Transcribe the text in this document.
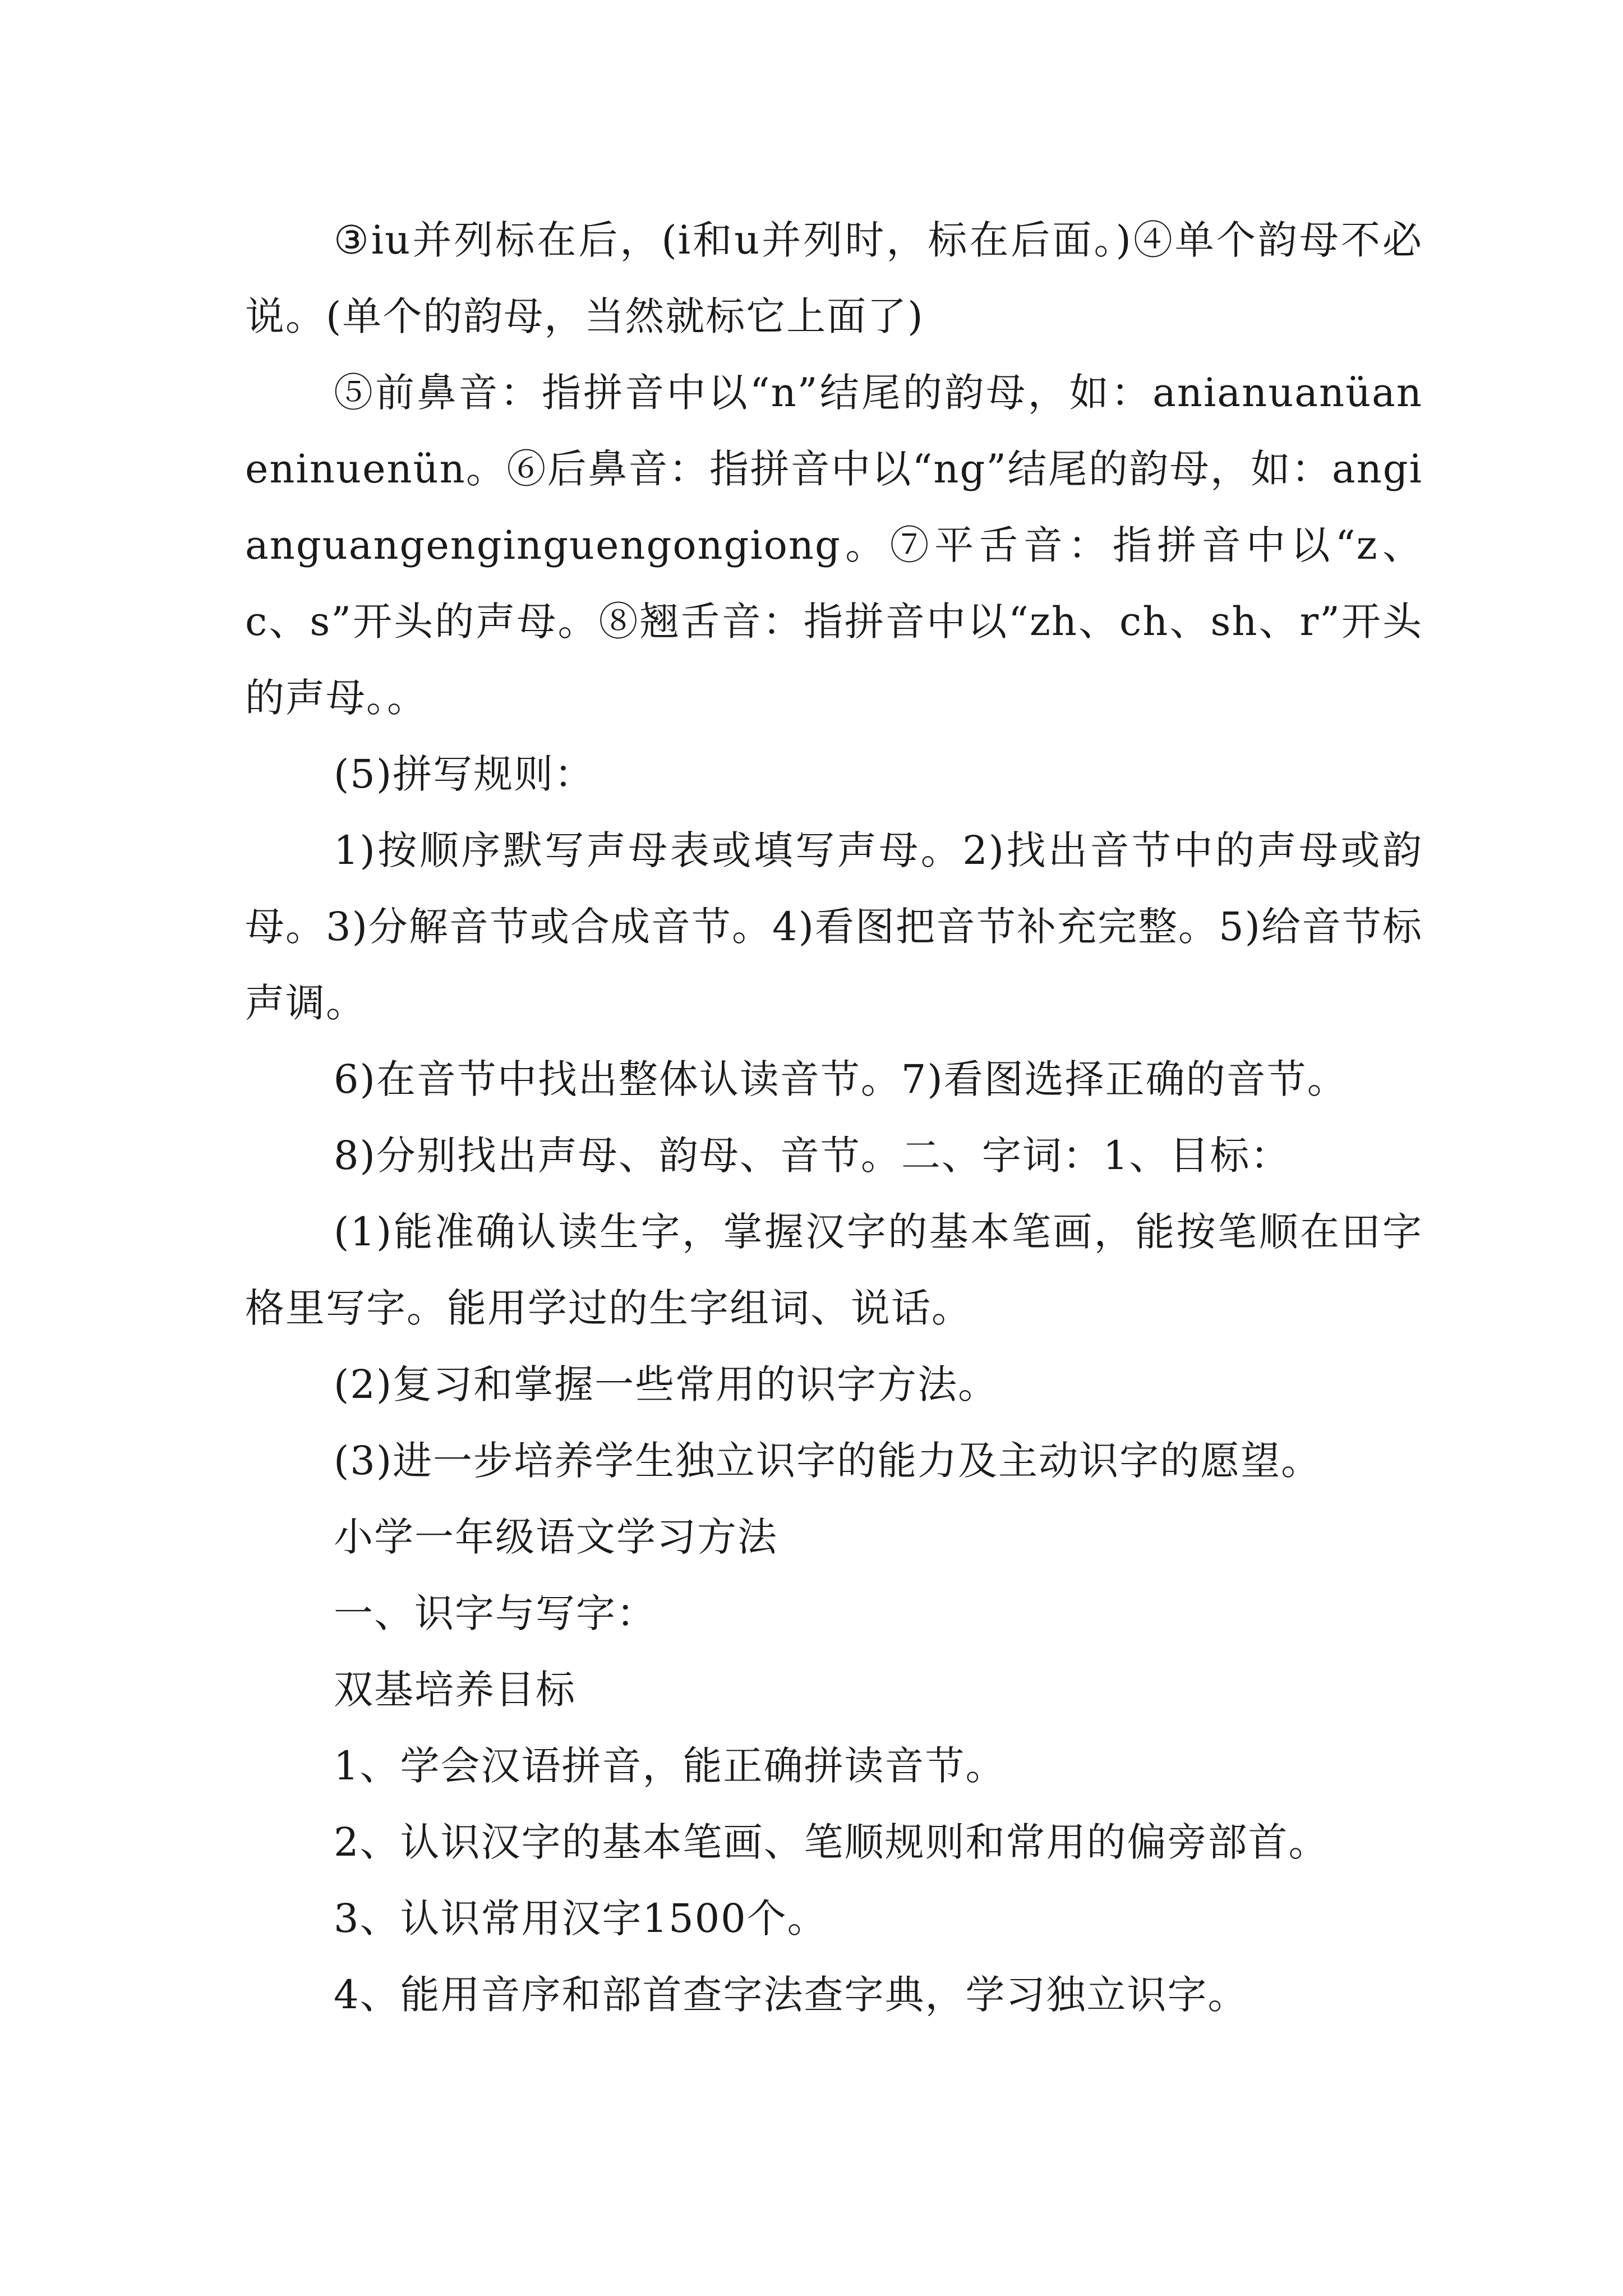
③iu并列标在后，(i和u并列时，标在后面。)④单个韵母不必说。(单个的韵母，当然就标它上面了)

⑤前鼻音：指拼音中以“n”结尾的韵母，如：anianuanüaneninuenün。⑥后鼻音：指拼音中以“ng”结尾的韵母，如：angianguangenginguengongiong。⑦平舌音：指拼音中以“z、c、s”开头的声母。⑧翘舌音：指拼音中以“zh、ch、sh、r”开头的声母。。

(5)拼写规则：

1)按顺序默写声母表或填写声母。2)找出音节中的声母或韵母。3)分解音节或合成音节。4)看图把音节补充完整。5)给音节标声调。

6)在音节中找出整体认读音节。7)看图选择正确的音节。

8)分别找出声母、韵母、音节。二、字词：1、目标：

(1)能准确认读生字，掌握汉字的基本笔画，能按笔顺在田字格里写字。能用学过的生字组词、说话。

(2)复习和掌握一些常用的识字方法。

(3)进一步培养学生独立识字的能力及主动识字的愿望。

小学一年级语文学习方法

一、识字与写字：

双基培养目标

1、学会汉语拼音，能正确拼读音节。

2、认识汉字的基本笔画、笔顺规则和常用的偏旁部首。

3、认识常用汉字1500个。

4、能用音序和部首查字法查字典，学习独立识字。
